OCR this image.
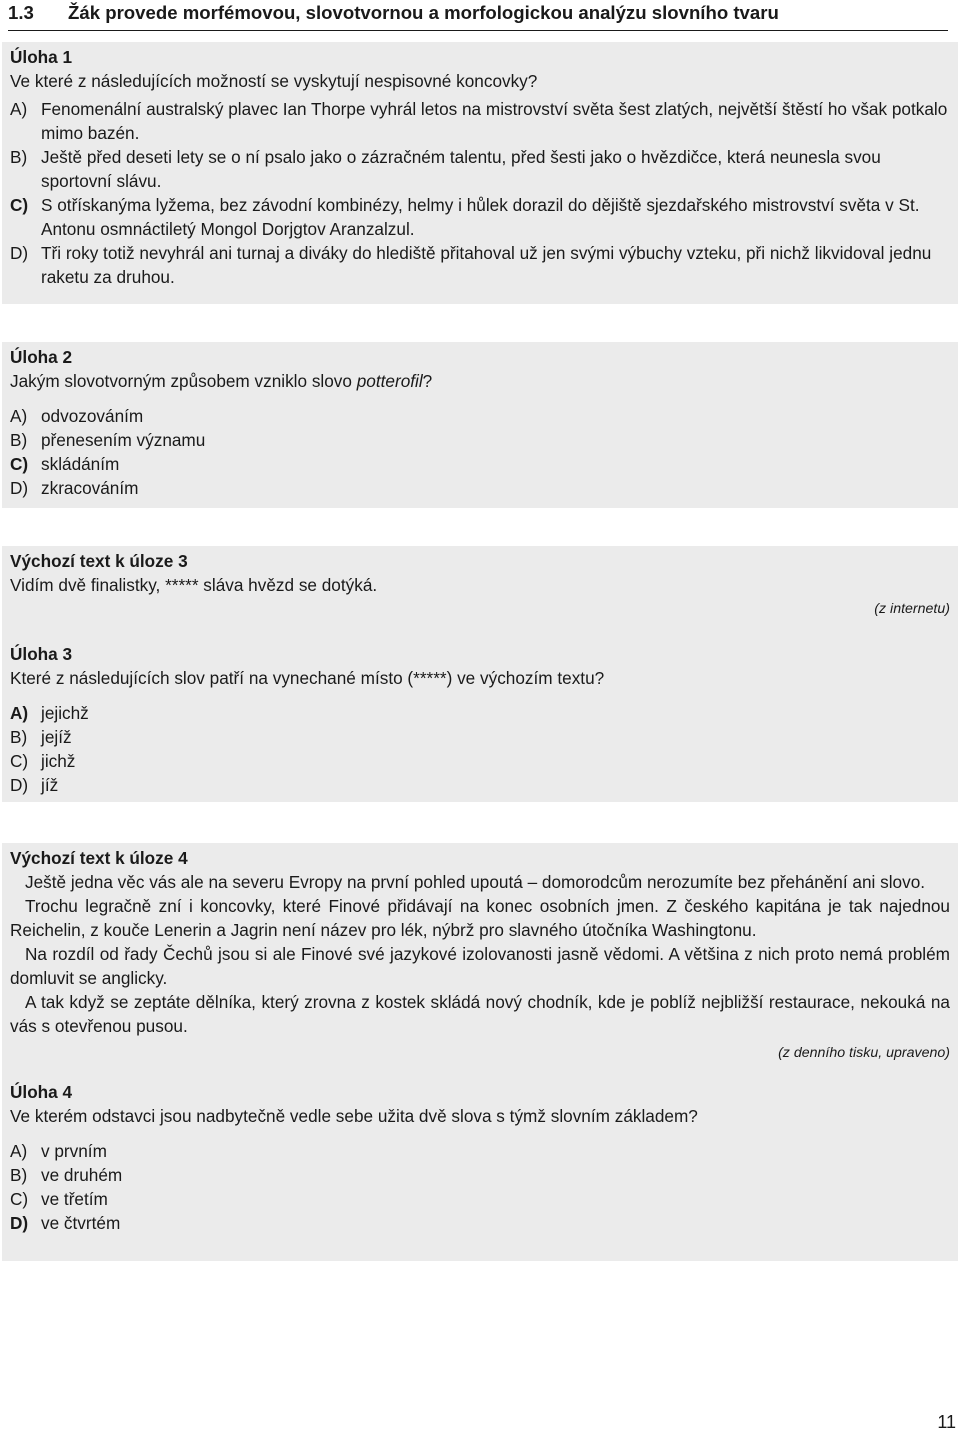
1.3 Žák provede morfémovou, slovotvornou a morfologickou analýzu slovního tvaru

Úloha 1

Ve které z následujících možností se vyskytují nespisovné koncovky?

A) Fenomenální australský plavec Ian Thorpe vyhrál letos na mistrovství světa šest zlatých, největší štěstí ho však potkalo mimo bazén.
B) Ještě před deseti lety se o ní psalo jako o zázračném talentu, před šesti jako o hvězdičce, která neunesla svou sportovní slávu.
C) S otřískanýma lyžema, bez závodní kombinézy, helmy i hůlek dorazil do dějiště sjezdařského mistrovství světa v St. Antonu osmnáctiletý Mongol Dorjgtov Aranzalzul.
D) Tři roky totiž nevyhrál ani turnaj a diváky do hlediště přitahoval už jen svými výbuchy vzteku, při nichž likvidoval jednu raketu za druhou.

Úloha 2

Jakým slovotvorným způsobem vzniklo slovo potterofil?

A) odvozováním
B) přenesením významu
C) skládáním
D) zkracováním

Výchozí text k úloze 3

Vidím dvě finalistky, ***** sláva hvězd se dotýká.

(z internetu)

Úloha 3

Které z následujících slov patří na vynechané místo (*****) ve výchozím textu?

A) jejichž
B) jejíž
C) jichž
D) jíž

Výchozí text k úloze 4

Ještě jedna věc vás ale na severu Evropy na první pohled upoutá – domorodcům nerozumíte bez přehánění ani slovo.

Trochu legračně zní i koncovky, které Finové přidávají na konec osobních jmen. Z českého kapitána je tak najednou Reichelin, z kouče Lenerin a Jagrin není název pro lék, nýbrž pro slavného útočníka Washingtonu.

Na rozdíl od řady Čechů jsou si ale Finové své jazykové izolovanosti jasně vědomi. A většina z nich proto nemá problém domluvit se anglicky.

A tak když se zeptáte dělníka, který zrovna z kostek skládá nový chodník, kde je poblíž nejbližší restaurace, nekouká na vás s otevřenou pusou.

(z denního tisku, upraveno)

Úloha 4

Ve kterém odstavci jsou nadbytečně vedle sebe užita dvě slova s týmž slovním základem?

A) v prvním
B) ve druhém
C) ve třetím
D) ve čtvrtém
11
